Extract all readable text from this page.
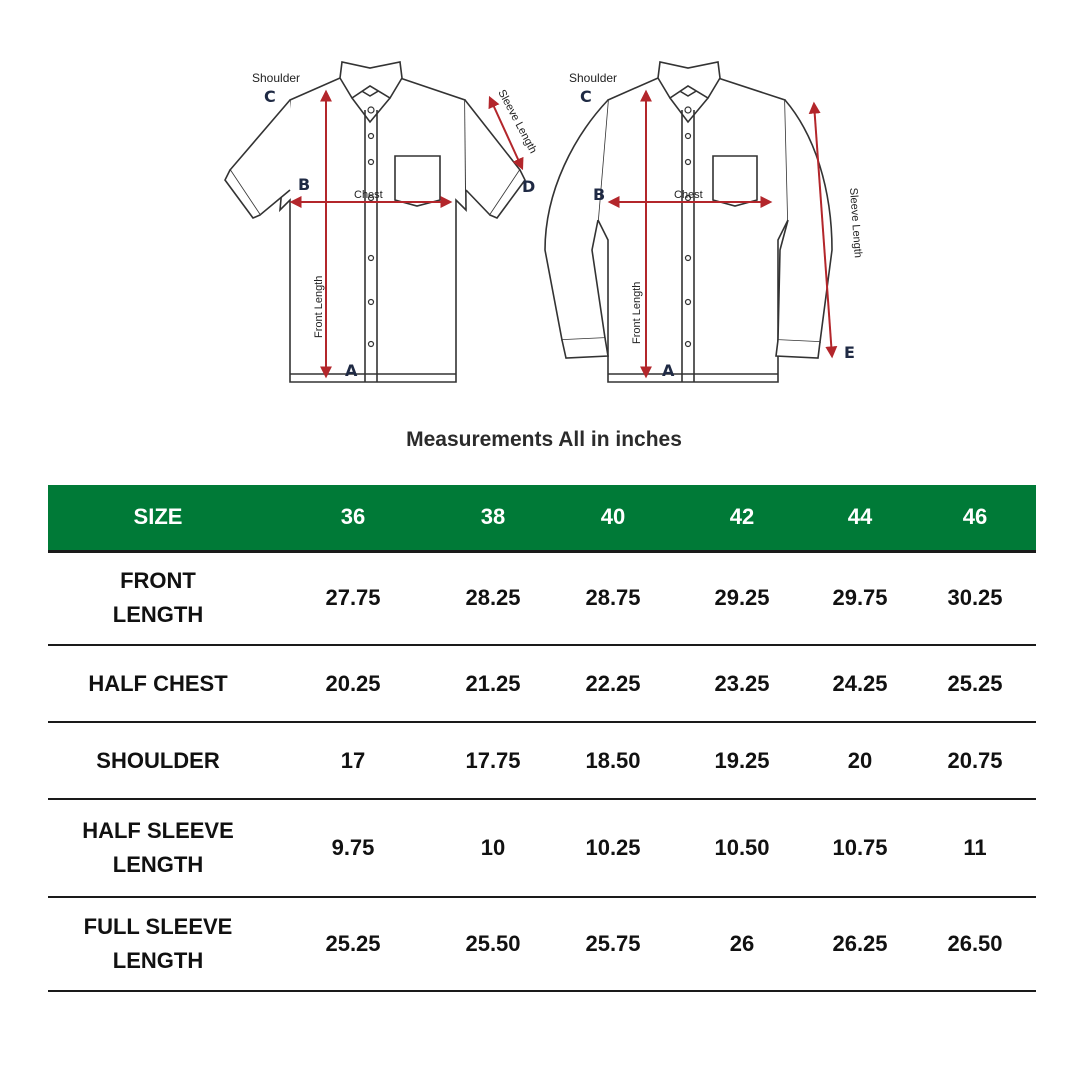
Shoulder
C
B
Chest	D
A
Front Length
Sleeve Length
Shoulder
C
B	Chest
E
A
Front Length
Sleeve Length
Measurements All in inches
SIZE	36	38	40	42	44	46

FRONT
LENGTH	27.75	28.25	28.75	29.25	29.75	30.25
HALF CHEST	20.25	21.25	22.25	23.25	24.25	25.25
SHOULDER	17	17.75	18.50	19.25	20	20.75

HALF SLEEVE
LENGTH	9.75	10	10.25	10.50	10.75	11

FULL SLEEVE
LENGTH	25.25	25.50	25.75	26	26.25	26.50
